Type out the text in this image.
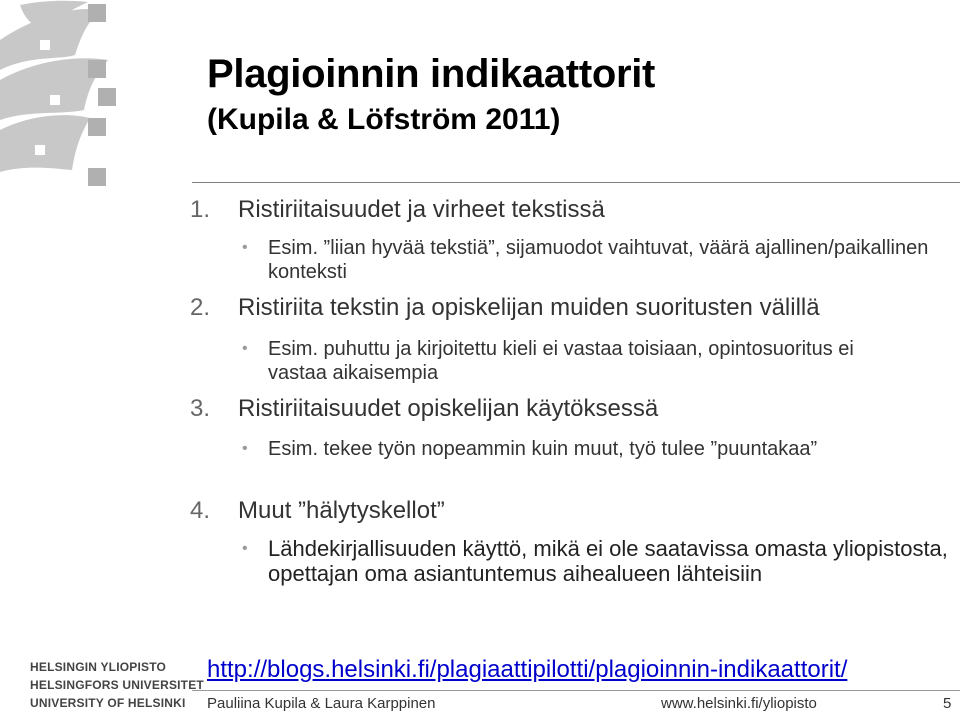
Plagioinnin indikaattorit
(Kupila & Löfström 2011)
1. Ristiriitaisuudet ja virheet tekstissä
• Esim. ”liian hyvää tekstiä”, sijamuodot vaihtuvat, väärä ajallinen/paikallinen konteksti
2. Ristiriita tekstin ja opiskelijan muiden suoritusten välillä
• Esim. puhuttu ja kirjoitettu kieli ei vastaa toisiaan, opintosuoritus ei vastaa aikaisempia
3. Ristiriitaisuudet opiskelijan käytöksessä
• Esim. tekee työn nopeammin kuin muut, työ tulee ”puuntakaa”
4. Muut ”hälytyskellot”
• Lähdekirjallisuuden käyttö, mikä ei ole saatavissa omasta yliopistosta, opettajan oma asiantuntemus aihealueen lähteisiin
HELSINGIN YLIOPISTO
HELSINGFORS UNIVERSITET
UNIVERSITY OF HELSINKI
http://blogs.helsinki.fi/plagiaattipilotti/plagioinnin-indikaattorit/
Pauliina Kupila & Laura Karppinen	www.helsinki.fi/yliopisto	5
